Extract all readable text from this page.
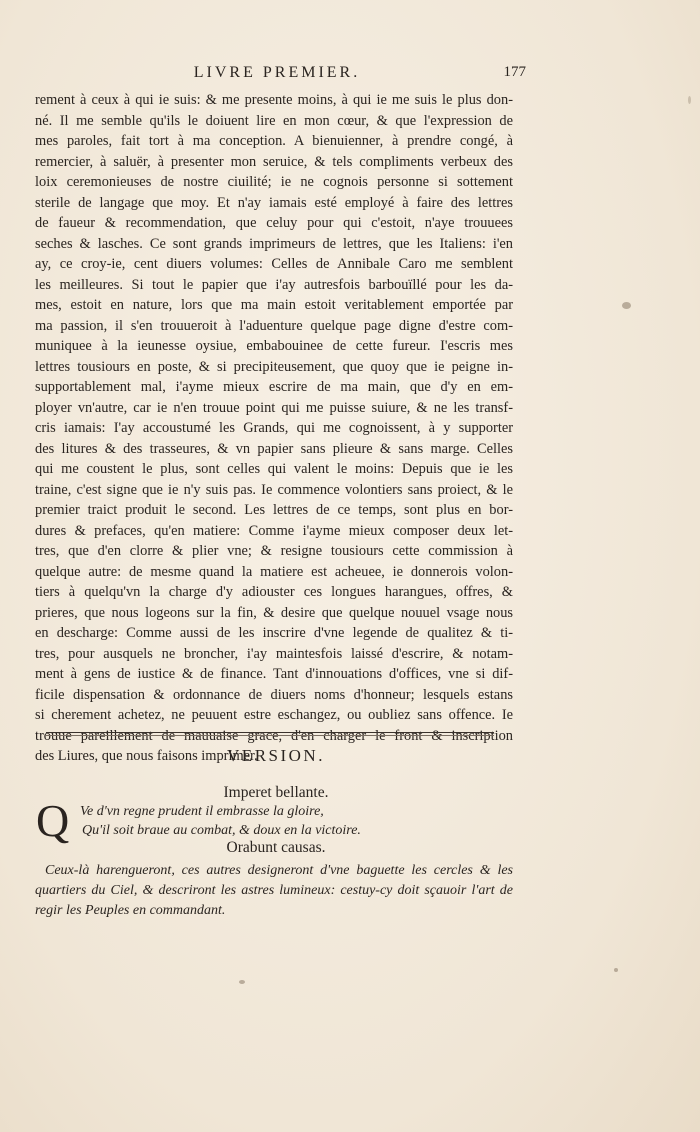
LIVRE PREMIER.	177
rement à ceux à qui ie suis: & me presente moins, à qui ie me suis le plus don-
né. Il me semble qu'ils le doiuent lire en mon cœur, & que l'expression de
mes paroles, fait tort à ma conception. A bienuienner, à prendre congé, à
remercier, à saluër, à presenter mon seruice, & tels compliments verbeux des
loix ceremonieuses de nostre ciuilité; ie ne cognois personne si sottement
sterile de langage que moy. Et n'ay iamais esté employé à faire des lettres
de faueur & recommendation, que celuy pour qui c'estoit, n'aye trouuees
seches & lasches. Ce sont grands imprimeurs de lettres, que les Italiens: i'en
ay, ce croy-ie, cent diuers volumes: Celles de Annibale Caro me semblent
les meilleures. Si tout le papier que i'ay autresfois barbouïllé pour les da-
mes, estoit en nature, lors que ma main estoit veritablement emportée par
ma passion, il s'en trouueroit à l'aduenture quelque page digne d'estre com-
muniquee à la ieunesse oysiue, embabouinee de cette fureur. I'escris mes
lettres tousiours en poste, & si precipiteusement, que quoy que ie peigne in-
supportablement mal, i'ayme mieux escrire de ma main, que d'y en em-
ployer vn'autre, car ie n'en trouue point qui me puisse suiure, & ne les transf-
cris iamais: I'ay accoustumé les Grands, qui me cognoissent, à y supporter
des litures & des trasseures, & vn papier sans plieure & sans marge. Celles
qui me coustent le plus, sont celles qui valent le moins: Depuis que ie les
traine, c'est signe que ie n'y suis pas. Ie commence volontiers sans proiect, & le
premier traict produit le second. Les lettres de ce temps, sont plus en bor-
dures & prefaces, qu'en matiere: Comme i'ayme mieux composer deux let-
tres, que d'en clorre & plier vne; & resigne tousiours cette commission à
quelque autre: de mesme quand la matiere est acheuee, ie donnerois volon-
tiers à quelqu'vn la charge d'y adiouster ces longues harangues, offres, &
prieres, que nous logeons sur la fin, & desire que quelque nouuel vsage nous
en descharge: Comme aussi de les inscrire d'vne legende de qualitez & ti-
tres, pour ausquels ne broncher, i'ay maintesfois laissé d'escrire, & notam-
ment à gens de iustice & de finance. Tant d'innouations d'offices, vne si dif-
ficile dispensation & ordonnance de diuers noms d'honneur; lesquels estans
si cherement achetez, ne peuuent estre eschangez, ou oubliez sans offence. Ie
trouue pareillement de mauuaise grace, d'en charger le front & inscription
des Liures, que nous faisons imprimer.
VERSION.
Imperet bellante.
Q Ve d'vn regne prudent il embrasse la gloire,
Qu'il soit braue au combat, & doux en la victoire.
Orabunt causas.
Ceux-là harengueront, ces autres designeront d'vne baguette les cercles & les
quartiers du Ciel, & descriront les astres lumineux: cestuy-cy doit sçauoir l'art de
regir les Peuples en commandant.
